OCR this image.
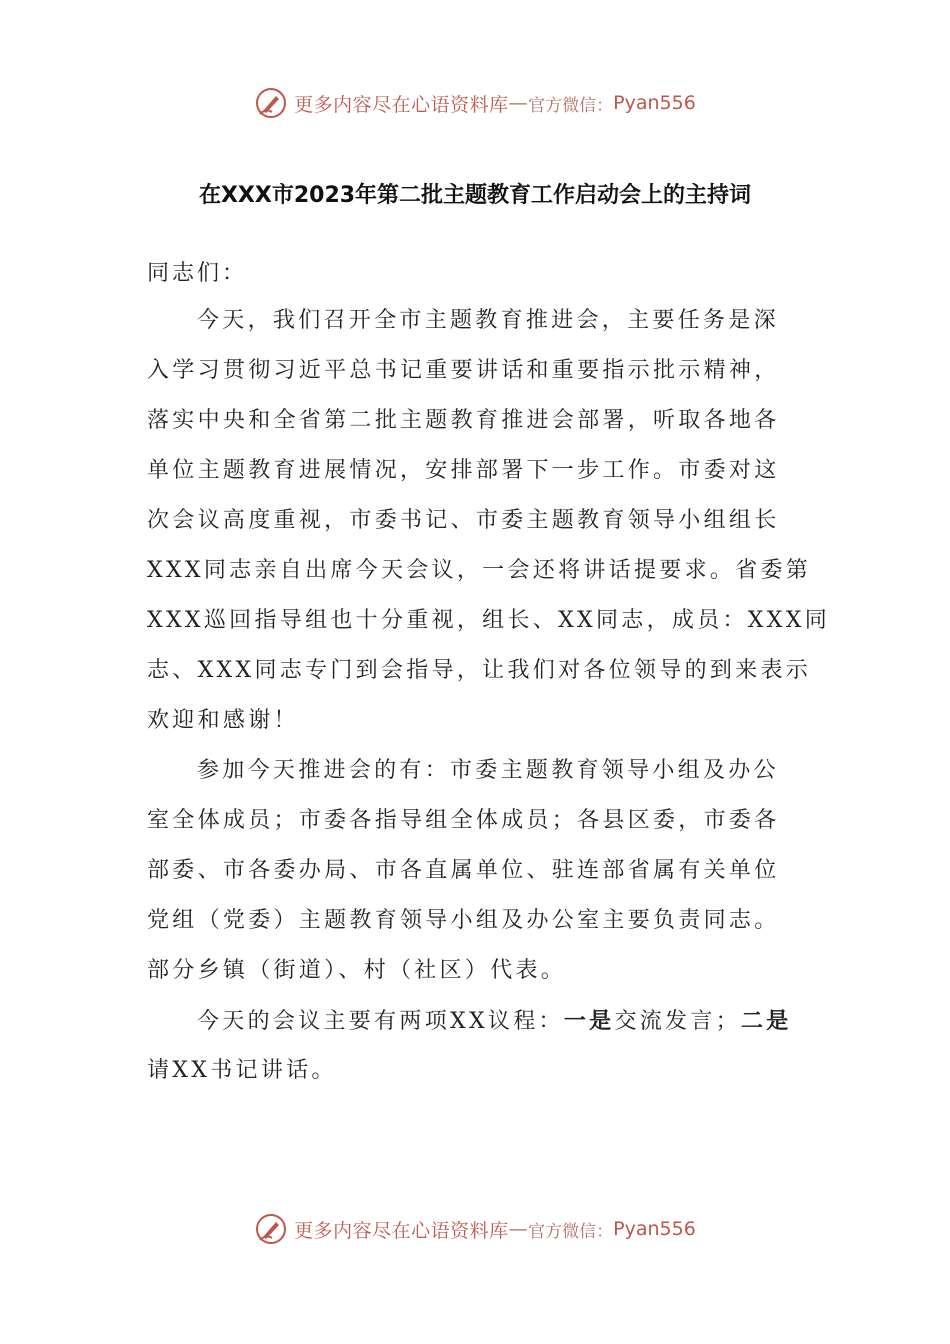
更多内容尽在心语资料库 — 官方微信： Pyan556
在XXX市2023年第二批主题教育工作启动会上的主持词
同志们：
今天，我们召开全市主题教育推进会，主要任务是深
入学习贯彻习近平总书记重要讲话和重要指示批示精神，
落实中央和全省第二批主题教育推进会部署，听取各地各
单位主题教育进展情况，安排部署下一步工作。市委对这
次会议高度重视，市委书记、市委主题教育领导小组组长
XXX同志亲自出席今天会议，一会还将讲话提要求。省委第
XXX巡回指导组也十分重视，组长、XX同志，成员：XXX同
志、XXX同志专门到会指导，让我们对各位领导的到来表示
欢迎和感谢！
参加今天推进会的有：市委主题教育领导小组及办公
室全体成员；市委各指导组全体成员；各县区委，市委各
部委、市各委办局、市各直属单位、驻连部省属有关单位
党组（党委）主题教育领导小组及办公室主要负责同志。
部分乡镇（街道）、村（社区）代表。
今天的会议主要有两项XX议程：一是交流发言；二是
请XX书记讲话。
更多内容尽在心语资料库 — 官方微信： Pyan556
